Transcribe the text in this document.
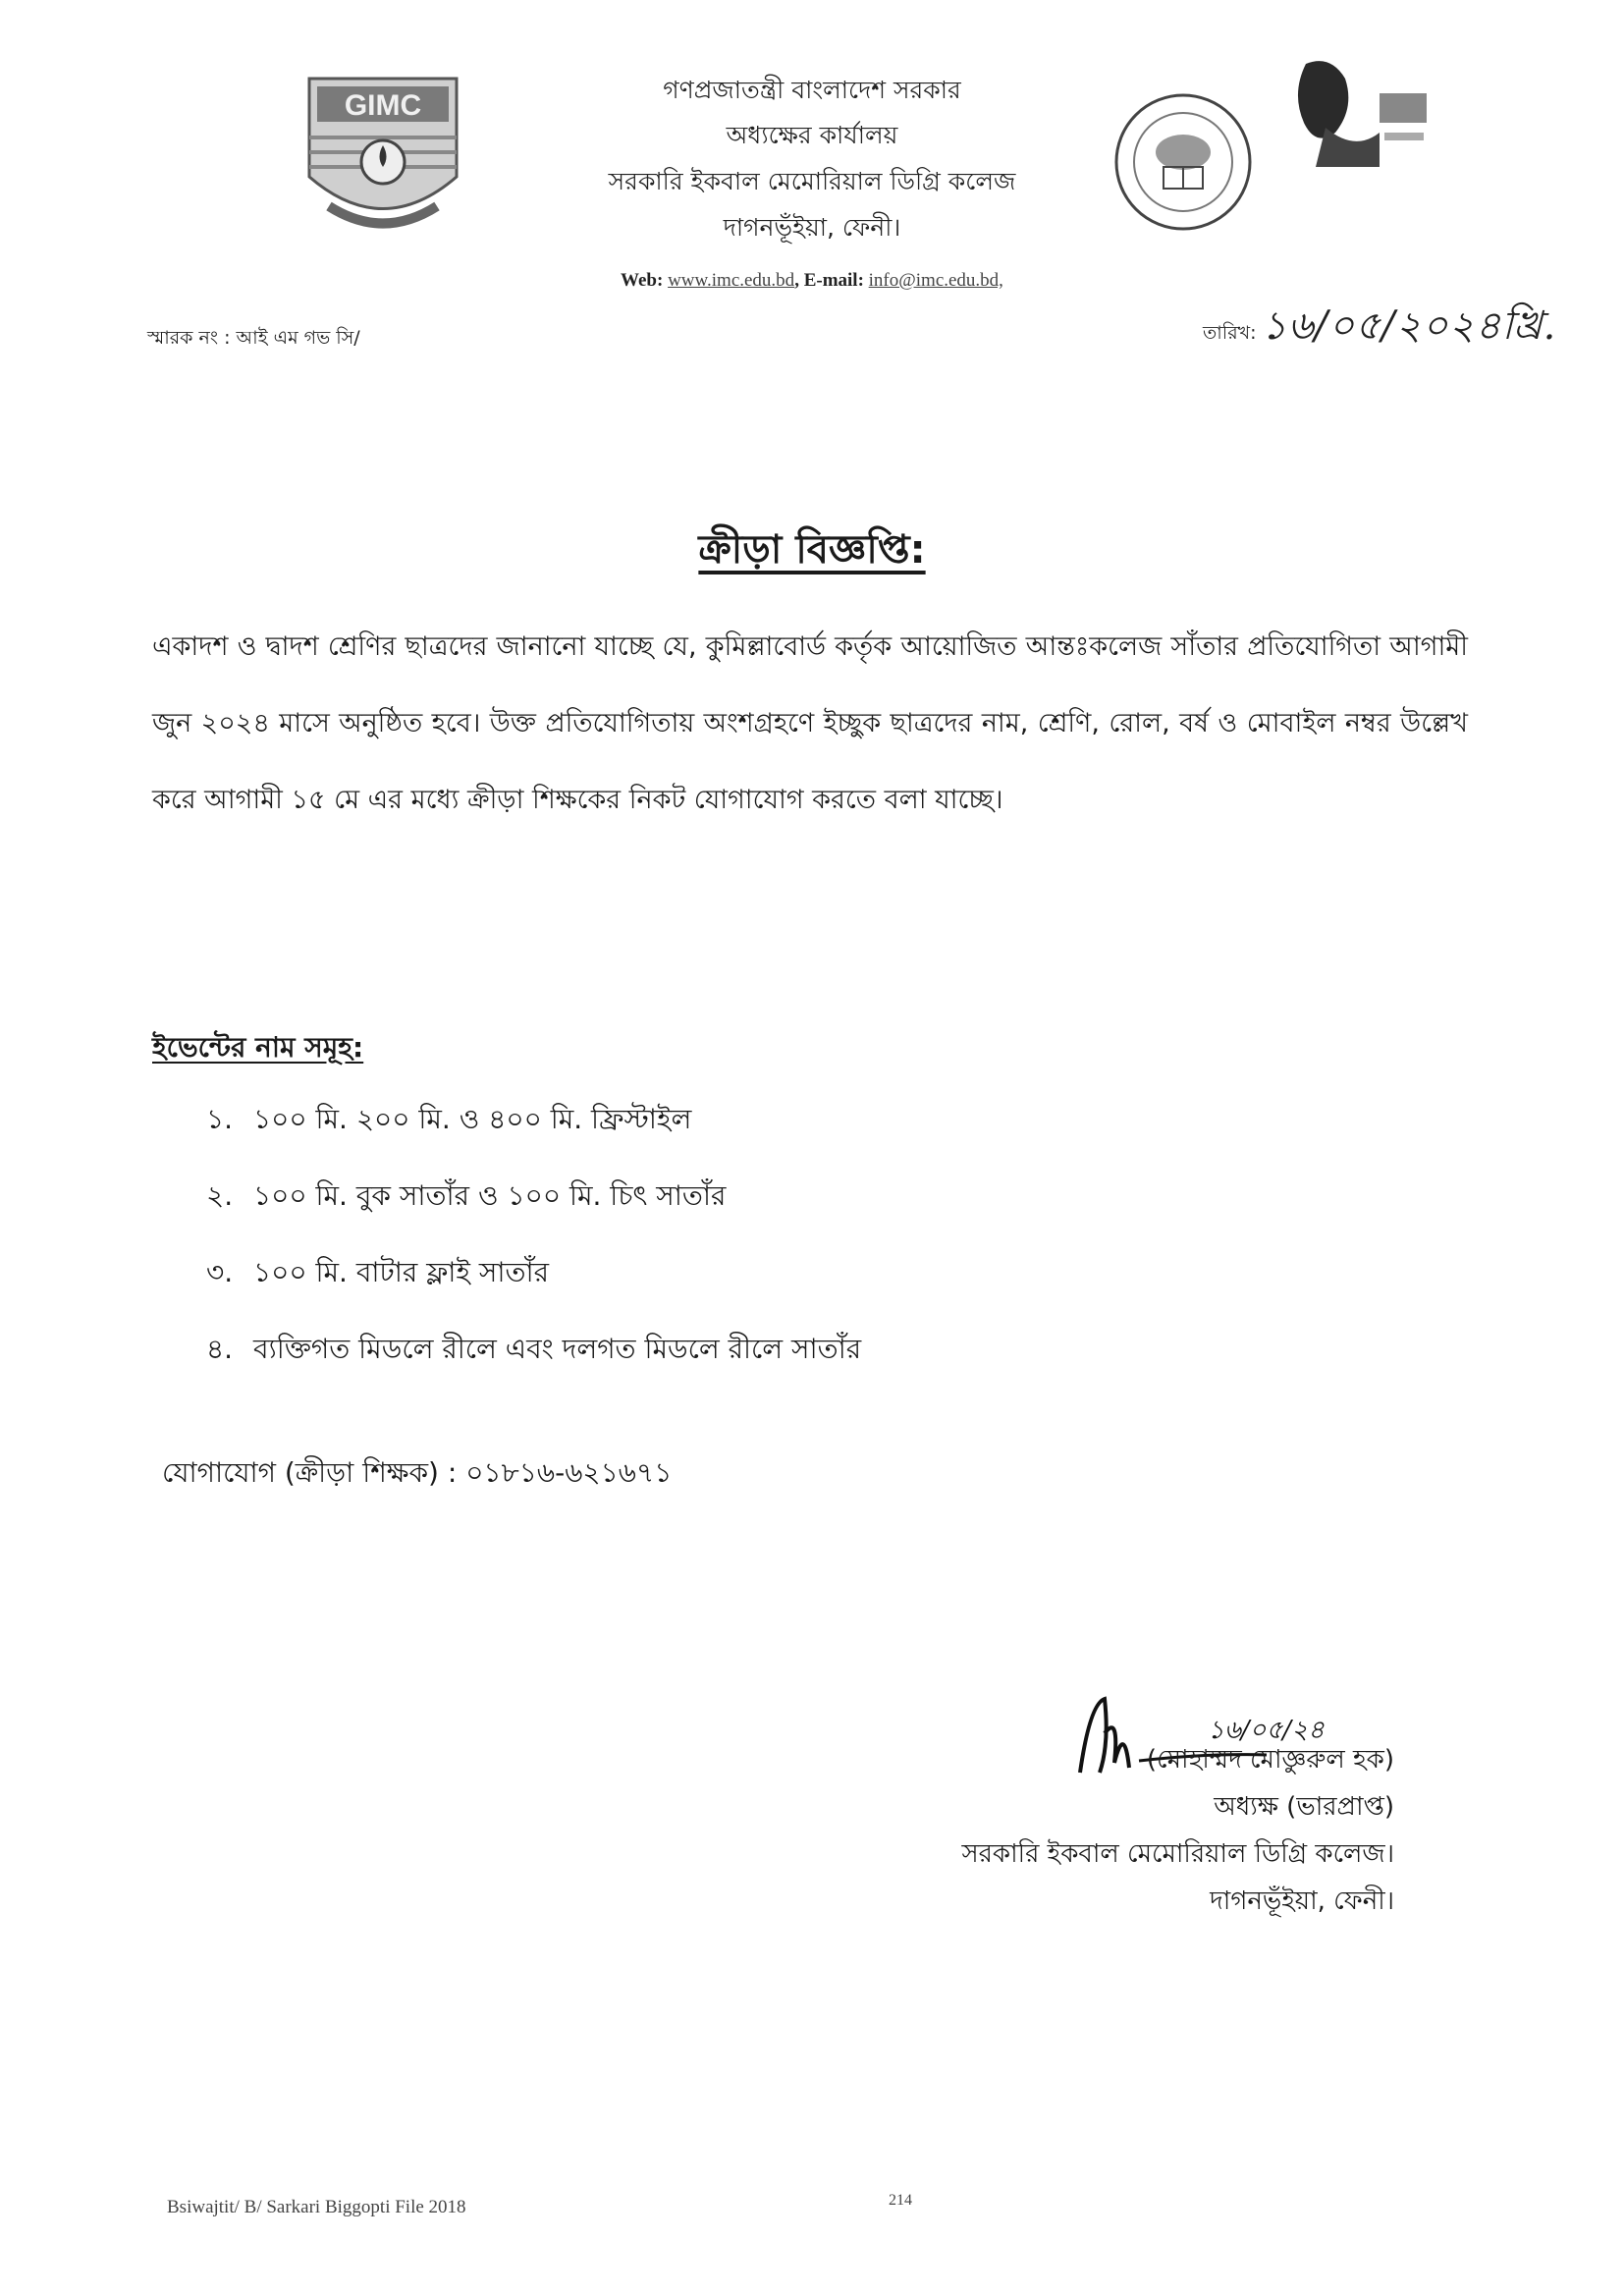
GIMC	গণপ্রজাতন্ত্রী বাংলাদেশ সরকার
অধ্যক্ষের কার্যালয়
সরকারি ইকবাল মেমোরিয়াল ডিগ্রি কলেজ
দাগনভূঁইয়া, ফেনী।
Web: www.imc.edu.bd, E-mail: info@imc.edu.bd,
স্মারক নং : আই এম গভ সি/	তারিখ: ১৬/০৫/২০২৪খ্রি.
ক্রীড়া বিজ্ঞপ্তি:
একাদশ ও দ্বাদশ শ্রেণির ছাত্রদের জানানো যাচ্ছে যে, কুমিল্লাবোর্ড কর্তৃক আয়োজিত আন্তঃকলেজ সাঁতার প্রতিযোগিতা আগামী জুন ২০২৪ মাসে অনুষ্ঠিত হবে। উক্ত প্রতিযোগিতায় অংশগ্রহণে ইচ্ছুক ছাত্রদের নাম, শ্রেণি, রোল, বর্ষ ও মোবাইল নম্বর উল্লেখ করে আগামী ১৫ মে এর মধ্যে ক্রীড়া শিক্ষকের নিকট যোগাযোগ করতে বলা যাচ্ছে।
ইভেন্টের নাম সমূহ:
১. ১০০ মি. ২০০ মি. ও ৪০০ মি. ফ্রিস্টাইল
২. ১০০ মি. বুক সাতাঁর ও ১০০ মি. চিৎ সাতাঁর
৩. ১০০ মি. বাটার ফ্লাই সাতাঁর
৪. ব্যক্তিগত মিডলে রীলে এবং দলগত মিডলে রীলে সাতাঁর
যোগাযোগ (ক্রীড়া শিক্ষক) : ০১৮১৬-৬২১৬৭১
১৬/০৫/২৪
(মোহাম্মদ মোজ্ঞুরুল হক)
অধ্যক্ষ (ভারপ্রাপ্ত)
সরকারি ইকবাল মেমোরিয়াল ডিগ্রি কলেজ।
দাগনভূঁইয়া, ফেনী।
Bsiwajtit/ B/ Sarkari Biggopti File 2018	214
